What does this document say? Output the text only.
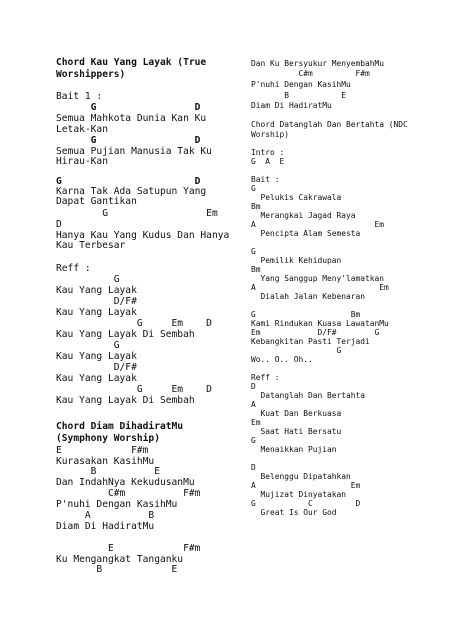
Chord Kau Yang Layak (True
Worshippers)
Bait 1 :
G                 D
Semua Mahkota Dunia Kan Ku
Letak-Kan
G                 D
Semua Pujian Manusia Tak Ku
Hirau-Kan
G                       D
Karna Tak Ada Satupun Yang
Dapat Gantikan
G                 Em
D
Hanya Kau Yang Kudus Dan Hanya
Kau Terbesar
Reff :
G
Kau Yang Layak
D/F#
Kau Yang Layak
G     Em    D
Kau Yang Layak Di Sembah
G
Kau Yang Layak
D/F#
Kau Yang Layak
G     Em    D
Kau Yang Layak Di Sembah
Chord Diam DihadiratMu
(Symphony Worship)
E            F#m
Kurasakan KasihMu
B          E
Dan IndahNya KekudusanMu
C#m          F#m
P'nuhi Dengan KasihMu
A          B
Diam Di HadiratMu
E            F#m
Ku Mengangkat Tanganku
B            E
Dan Ku Bersyukur MenyembahMu
C#m         F#m
P'nuhi Dengan KasihMu
B           E
Diam Di HadiratMu
Chord Datanglah Dan Bertahta (NDC
Worship)
Intro :
G  A  E
Bait :
G
Pelukis Cakrawala
Bm
Merangkai Jagad Raya
A                         Em
Pencipta Alam Semesta
G
Pemilik Kehidupan
Bm
Yang Sanggup Meny'lamatkan
A                          Em
Dialah Jalan Kebenaran
G                    Bm
Kami Rindukan Kuasa LawatanMu
Em            D/F#        G
Kebangkitan Pasti Terjadi
G
Wo.. O.. Oh..
Reff :
D
Datanglah Dan Bertahta
A
Kuat Dan Berkuasa
Em
Saat Hati Bersatu
G
Menaikkan Pujian
D
Belenggu Dipatahkan
A                    Em
Mujizat Dinyatakan
G           C         D
Great Is Our God
